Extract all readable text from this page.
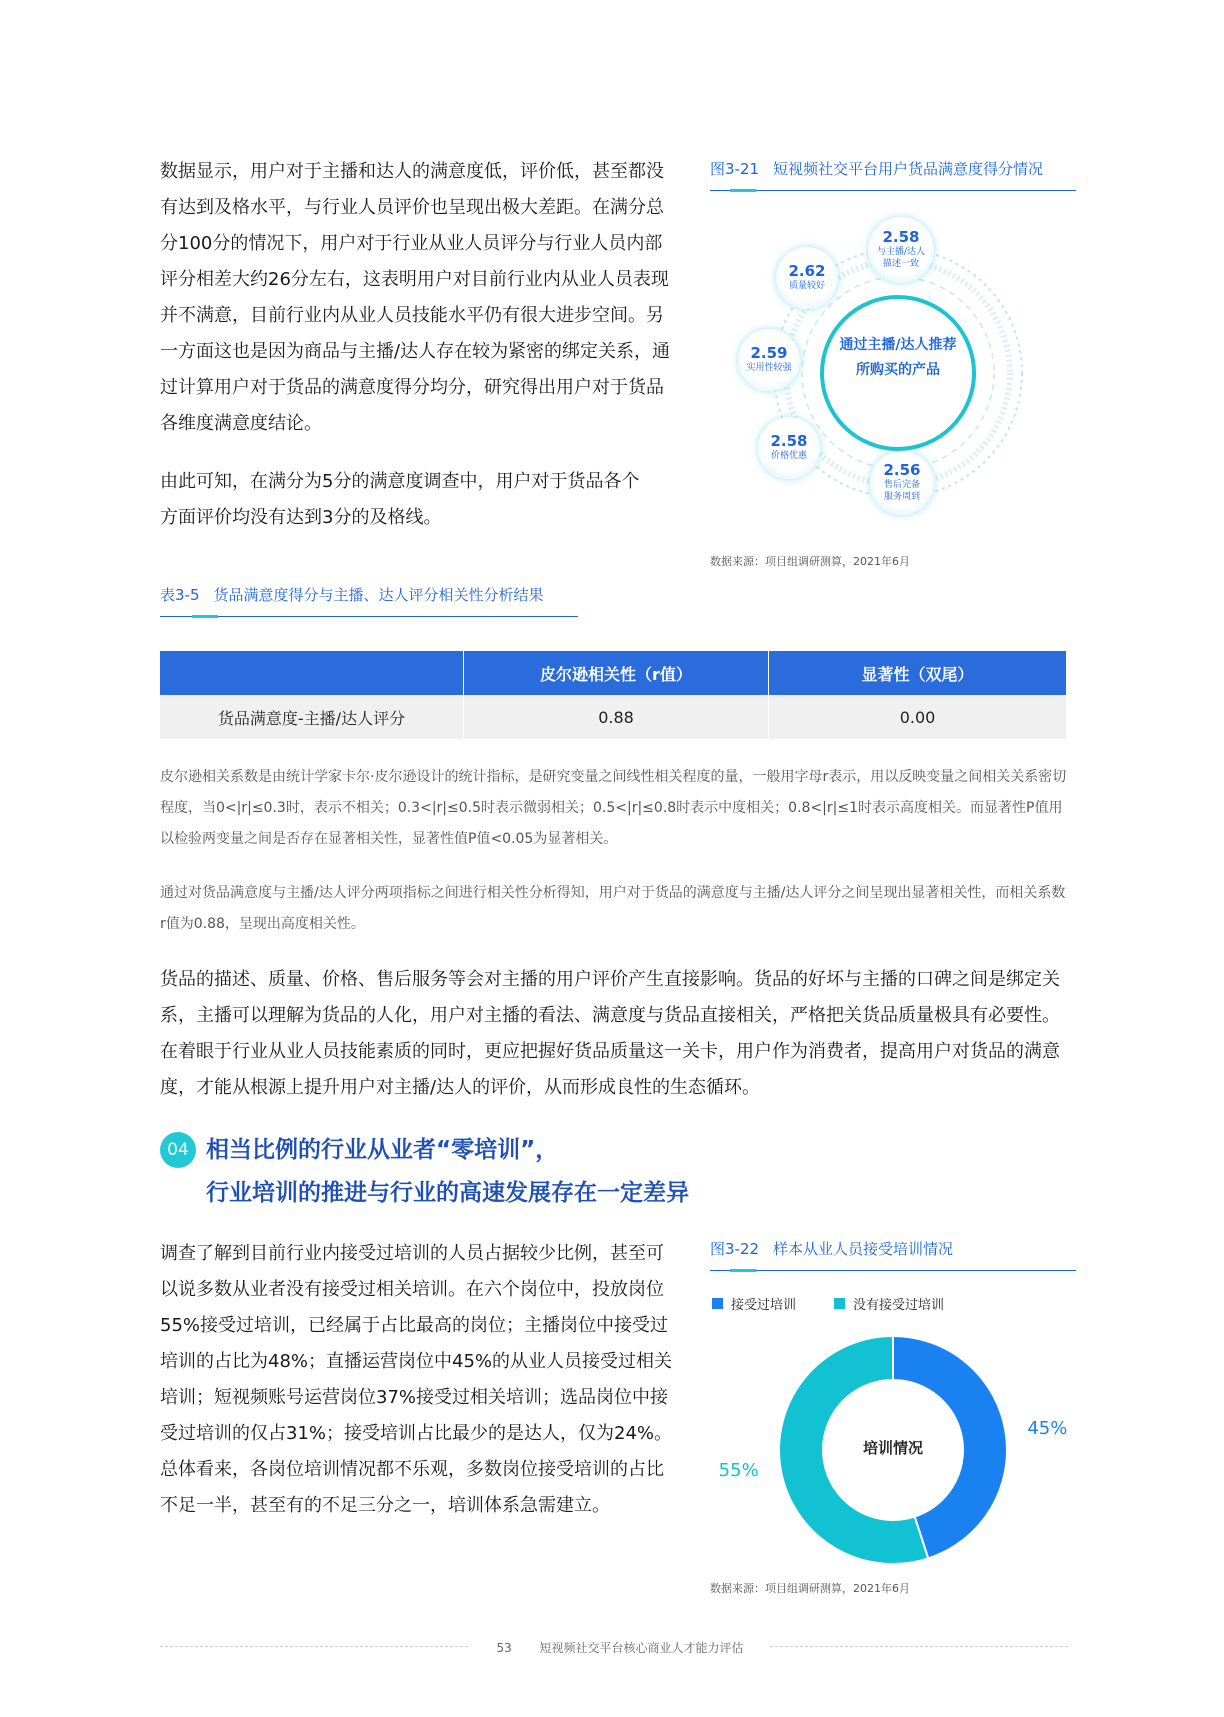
数据显示，用户对于主播和达人的满意度低，评价低，甚至都没有达到及格水平，与行业人员评价也呈现出极大差距。在满分总分100分的情况下，用户对于行业从业人员评分与行业人员内部评分相差大约26分左右，这表明用户对目前行业内从业人员表现并不满意，目前行业内从业人员技能水平仍有很大进步空间。另一方面这也是因为商品与主播/达人存在较为紧密的绑定关系，通过计算用户对于货品的满意度得分均分，研究得出用户对于货品各维度满意度结论。
由此可知，在满分为5分的满意度调查中，用户对于货品各个方面评价均没有达到3分的及格线。
图3-21 短视频社交平台用户货品满意度得分情况
通过主播/达人推荐所购买的产品
2.58
与主播/达人描述一致
2.62
质量较好
2.59
实用性较强
2.58
价格优惠
2.56
售后完备服务周到
数据来源：项目组调研测算，2021年6月
表3-5 货品满意度得分与主播、达人评分相关性分析结果
	皮尔逊相关性（r值）	显著性（双尾）
货品满意度-主播/达人评分	0.88	0.00
皮尔逊相关系数是由统计学家卡尔·皮尔逊设计的统计指标，是研究变量之间线性相关程度的量，一般用字母r表示，用以反映变量之间相关关系密切程度，当0<|r|≤0.3时，表示不相关；0.3<|r|≤0.5时表示微弱相关；0.5<|r|≤0.8时表示中度相关；0.8<|r|≤1时表示高度相关。而显著性P值用以检验两变量之间是否存在显著相关性，显著性值P值<0.05为显著相关。
通过对货品满意度与主播/达人评分两项指标之间进行相关性分析得知，用户对于货品的满意度与主播/达人评分之间呈现出显著相关性，而相关系数r值为0.88，呈现出高度相关性。
货品的描述、质量、价格、售后服务等会对主播的用户评价产生直接影响。货品的好坏与主播的口碑之间是绑定关系，主播可以理解为货品的人化，用户对主播的看法、满意度与货品直接相关，严格把关货品质量极具有必要性。在着眼于行业从业人员技能素质的同时，更应把握好货品质量这一关卡，用户作为消费者，提高用户对货品的满意度，才能从根源上提升用户对主播/达人的评价，从而形成良性的生态循环。
04 相当比例的行业从业者“零培训”，
行业培训的推进与行业的高速发展存在一定差异
调查了解到目前行业内接受过培训的人员占据较少比例，甚至可以说多数从业者没有接受过相关培训。在六个岗位中，投放岗位55%接受过培训，已经属于占比最高的岗位；主播岗位中接受过培训的占比为48%；直播运营岗位中45%的从业人员接受过相关培训；短视频账号运营岗位37%接受过相关培训；选品岗位中接受过培训的仅占31%；接受培训占比最少的是达人，仅为24%。总体看来，各岗位培训情况都不乐观，多数岗位接受培训的占比不足一半，甚至有的不足三分之一，培训体系急需建立。
图3-22 样本从业人员接受培训情况
接受过培训	没有接受过培训
培训情况
45%
55%
数据来源：项目组调研测算，2021年6月
53 短视频社交平台核心商业人才能力评估
